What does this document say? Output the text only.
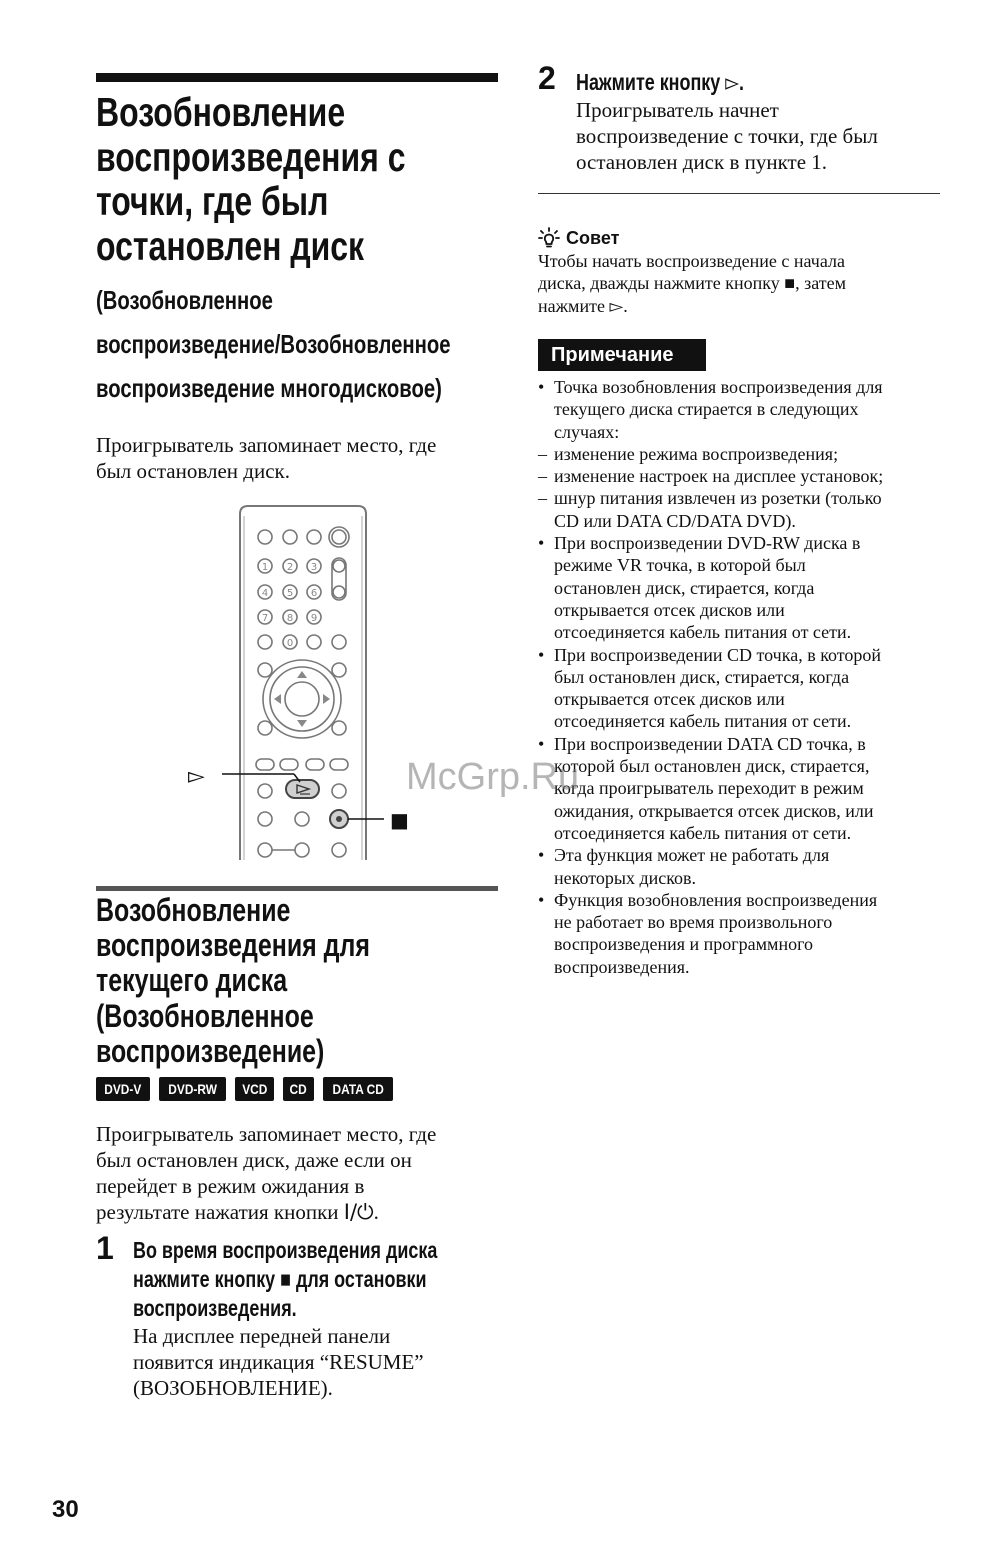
Возобновление
воспроизведения с
точки, где был
остановлен диск
(Возобновленное
воспроизведение/Возобновленное
воспроизведение многодисковое)
Проигрыватель запоминает место, где
был остановлен диск.
1 2 3
4 5 6
7 8 9
0
▻
■
Возобновление
воспроизведения для
текущего диска
(Возобновленное
воспроизведение)
DVD-V	DVD-RW	VCD	CD	DATA CD
Проигрыватель запоминает место, где
был остановлен диск, даже если он
перейдет в режим ожидания в
результате нажатия кнопки I/⏻.
1 Во время воспроизведения диска
нажмите кнопку ■ для остановки
воспроизведения.
На дисплее передней панели
появится индикация “RESUME”
(ВОЗОБНОВЛЕНИЕ).
2 Нажмите кнопку ▻.
Проигрыватель начнет
воспроизведение с точки, где был
остановлен диск в пункте 1.
Совет
Чтобы начать воспроизведение с начала
диска, дважды нажмите кнопку ■, затем
нажмите ▻.
Примечание
• Точка возобновления воспроизведения для
текущего диска стирается в следующих
случаях:
– изменение режима воспроизведения;
– изменение настроек на дисплее установок;
– шнур питания извлечен из розетки (только
CD или DATA CD/DATA DVD).
• При воспроизведении DVD-RW диска в
режиме VR точка, в которой был
остановлен диск, стирается, когда
открывается отсек дисков или
отсоединяется кабель питания от сети.
• При воспроизведении CD точка, в которой
был остановлен диск, стирается, когда
открывается отсек дисков или
отсоединяется кабель питания от сети.
• При воспроизведении DATA CD точка, в
которой был остановлен диск, стирается,
когда проигрыватель переходит в режим
ожидания, открывается отсек дисков, или
отсоединяется кабель питания от сети.
• Эта функция может не работать для
некоторых дисков.
• Функция возобновления воспроизведения
не работает во время произвольного
воспроизведения и программного
воспроизведения.
McGrp.Ru
30
